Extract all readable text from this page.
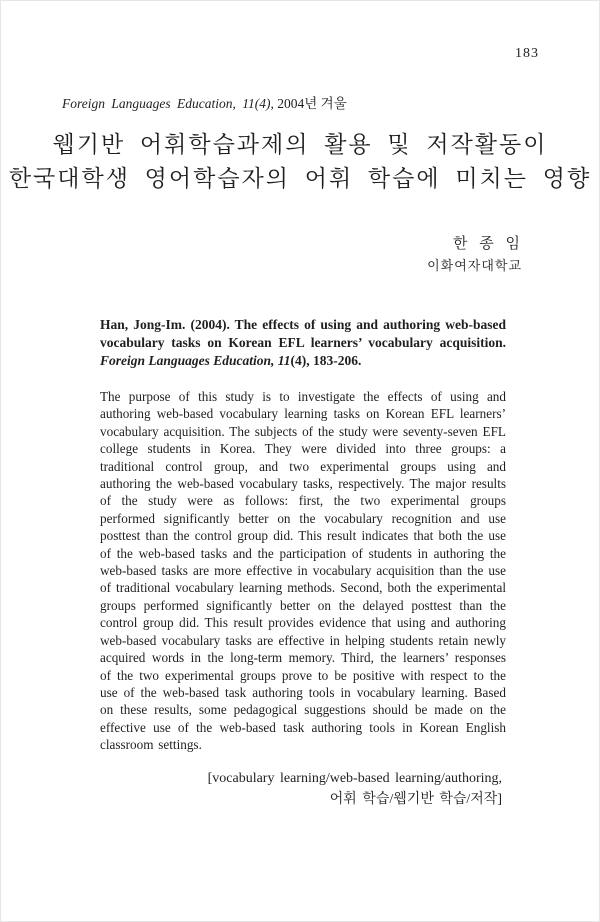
183
Foreign Languages Education, 11(4), 2004년 겨울
웹기반 어휘학습과제의 활용 및 저작활동이
한국대학생 영어학습자의 어휘 학습에 미치는 영향
한 종 임
이화여자대학교
Han, Jong-Im. (2004). The effects of using and authoring web-based vocabulary tasks on Korean EFL learners’ vocabulary acquisition. Foreign Languages Education, 11(4), 183-206.
The purpose of this study is to investigate the effects of using and authoring web-based vocabulary learning tasks on Korean EFL learners’ vocabulary acquisition. The subjects of the study were seventy-seven EFL college students in Korea. They were divided into three groups: a traditional control group, and two experimental groups using and authoring the web-based vocabulary tasks, respectively. The major results of the study were as follows: first, the two experimental groups performed significantly better on the vocabulary recognition and use posttest than the control group did. This result indicates that both the use of the web-based tasks and the participation of students in authoring the web-based tasks are more effective in vocabulary acquisition than the use of traditional vocabulary learning methods. Second, both the experimental groups performed significantly better on the delayed posttest than the control group did. This result provides evidence that using and authoring web-based vocabulary tasks are effective in helping students retain newly acquired words in the long-term memory. Third, the learners’ responses of the two experimental groups prove to be positive with respect to the use of the web-based task authoring tools in vocabulary learning. Based on these results, some pedagogical suggestions should be made on the effective use of the web-based task authoring tools in Korean English classroom settings.
[vocabulary learning/web-based learning/authoring,
어휘 학습/웹기반 학습/저작]
